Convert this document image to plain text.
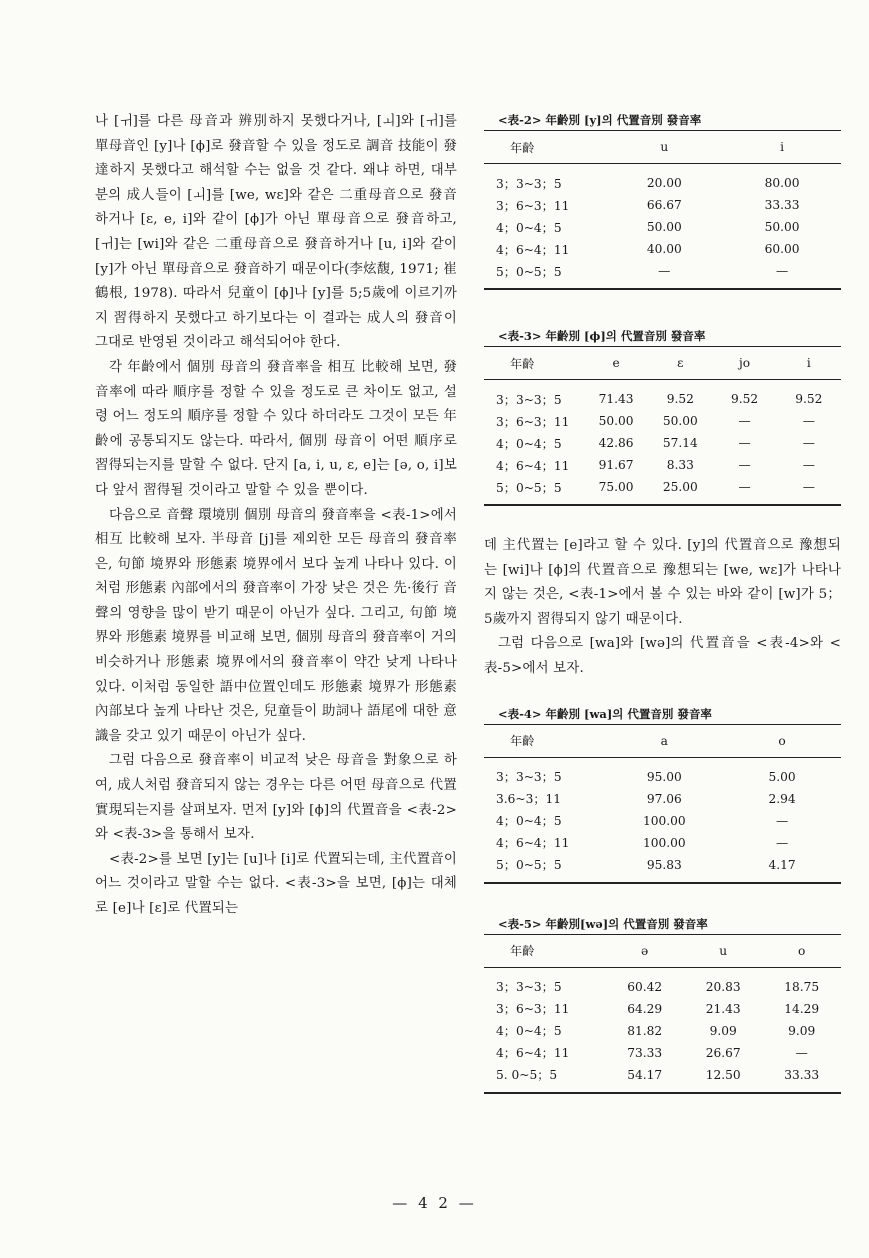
나 [ㅟ]를 다른 母音과 辨別하지 못했다거나, [ㅚ]와 [ㅟ]를 單母音인 [y]나 [ϕ]로 發音할 수 있을 정도로 調音 技能이 發達하지 못했다고 해석할 수는 없을 것 같다. 왜냐 하면, 대부분의 成人들이 [ㅚ]를 [we, wɛ]와 같은 二重母音으로 發音하거나 [ɛ, e, i]와 같이 [ϕ]가 아닌 單母音으로 發音하고, [ㅟ]는 [wi]와 같은 二重母音으로 發音하거나 [u, i]와 같이 [y]가 아닌 單母音으로 發音하기 때문이다(李炫馥, 1971; 崔鶴根, 1978). 따라서 兒童이 [ϕ]나 [y]를 5;5歲에 이르기까지 習得하지 못했다고 하기보다는 이 결과는 成人의 發音이 그대로 반영된 것이라고 해석되어야 한다.

각 年齡에서 個別 母音의 發音率을 相互 比較해 보면, 發音率에 따라 順序를 정할 수 있을 정도로 큰 차이도 없고, 설령 어느 정도의 順序를 정할 수 있다 하더라도 그것이 모든 年齡에 공통되지도 않는다. 따라서, 個別 母音이 어떤 順序로 習得되는지를 말할 수 없다. 단지 [a, i, u, ɛ, e]는 [ə, o, i]보다 앞서 習得될 것이라고 말할 수 있을 뿐이다.

다음으로 音聲 環境別 個別 母音의 發音率을 <表-1>에서 相互 比較해 보자. 半母音 [j]를 제외한 모든 母音의 發音率은, 句節 境界와 形態素 境界에서 보다 높게 나타나 있다. 이처럼 形態素 內部에서의 發音率이 가장 낮은 것은 先·後行 音聲의 영향을 많이 받기 때문이 아닌가 싶다. 그리고, 句節 境界와 形態素 境界를 비교해 보면, 個別 母音의 發音率이 거의 비슷하거나 形態素 境界에서의 發音率이 약간 낮게 나타나 있다. 이처럼 동일한 語中位置인데도 形態素 境界가 形態素 內部보다 높게 나타난 것은, 兒童들이 助詞나 語尾에 대한 意識을 갖고 있기 때문이 아닌가 싶다.

그럼 다음으로 發音率이 비교적 낮은 母音을 對象으로 하여, 成人처럼 發音되지 않는 경우는 다른 어떤 母音으로 代置 實現되는지를 살펴보자. 먼저 [y]와 [ϕ]의 代置音을 <表-2>와 <表-3>을 통해서 보자.

<表-2>를 보면 [y]는 [u]나 [i]로 代置되는데, 主代置音이 어느 것이라고 말할 수는 없다. <表-3>을 보면, [ϕ]는 대체로 [e]나 [ɛ]로 代置되는

<表-2> 年齡別 [y]의 代置音別 發音率
年齡	u	i
3；3~3；5	20.00	80.00
3；6~3；11	66.67	33.33
4；0~4；5	50.00	50.00
4；6~4；11	40.00	60.00
5；0~5；5	—	—
<表-3> 年齡別 [ϕ]의 代置音別 發音率
年齡	e	ɛ	jo	i
3；3~3；5	71.43	9.52	9.52	9.52
3；6~3；11	50.00	50.00	—	—
4；0~4；5	42.86	57.14	—	—
4；6~4；11	91.67	8.33	—	—
5；0~5；5	75.00	25.00	—	—

데 主代置는 [e]라고 할 수 있다. [y]의 代置音으로 豫想되는 [wi]나 [ϕ]의 代置音으로 豫想되는 [we, wɛ]가 나타나지 않는 것은, <表-1>에서 볼 수 있는 바와 같이 [w]가 5；5歲까지 習得되지 않기 때문이다.

그럼 다음으로 [wa]와 [wə]의 代置音을 <表-4>와 <表-5>에서 보자.

<表-4> 年齡別 [wa]의 代置音別 發音率
年齡	a	o
3；3~3；5	95.00	5.00
3.6~3；11	97.06	2.94
4；0~4；5	100.00	—
4；6~4；11	100.00	—
5；0~5；5	95.83	4.17
<表-5> 年齡別[wə]의 代置音別 發音率
年齡	ə	u	o
3；3~3；5	60.42	20.83	18.75
3；6~3；11	64.29	21.43	14.29
4；0~4；5	81.82	9.09	9.09
4；6~4；11	73.33	26.67	—
5. 0~5；5	54.17	12.50	33.33
— 4 2 —
